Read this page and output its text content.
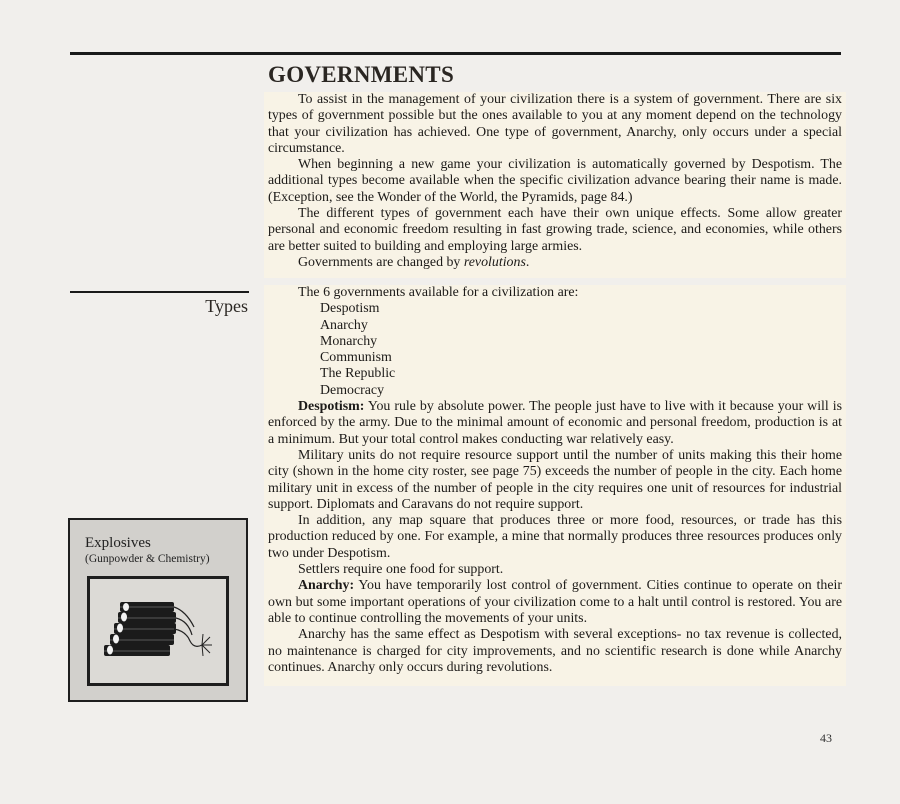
GOVERNMENTS

To assist in the management of your civilization there is a system of government. There are six types of government possible but the ones available to you at any moment depend on the technology that your civilization has achieved. One type of government, Anarchy, only occurs under a special circumstance.

When beginning a new game your civilization is automatically governed by Despotism. The additional types become available when the specific civilization advance bearing their name is made. (Exception, see the Wonder of the World, the Pyramids, page 84.)

The different types of government each have their own unique effects. Some allow greater personal and economic freedom resulting in fast growing trade, science, and economies, while others are better suited to building and employing large armies.

Governments are changed by revolutions.

Types

The 6 governments available for a civilization are:

Despotism
Anarchy
Monarchy
Communism
The Republic
Democracy

Despotism: You rule by absolute power. The people just have to live with it because your will is enforced by the army. Due to the minimal amount of economic and personal freedom, production is at a minimum. But your total control makes conducting war relatively easy.

Military units do not require resource support until the number of units making this their home city (shown in the home city roster, see page 75) exceeds the number of people in the city. Each home military unit in excess of the number of people in the city requires one unit of resources for industrial support. Diplomats and Caravans do not require support.

In addition, any map square that produces three or more food, resources, or trade has this production reduced by one. For example, a mine that normally produces three resources produces only two under Despotism.

Settlers require one food for support.

Anarchy: You have temporarily lost control of government. Cities continue to operate on their own but some important operations of your civilization come to a halt until control is restored. You are able to continue controlling the movements of your units.

Anarchy has the same effect as Despotism with several exceptions- no tax revenue is collected, no maintenance is charged for city improvements, and no scientific research is done while Anarchy continues. Anarchy only occurs during revolutions.

Explosives
(Gunpowder & Chemistry)
43
